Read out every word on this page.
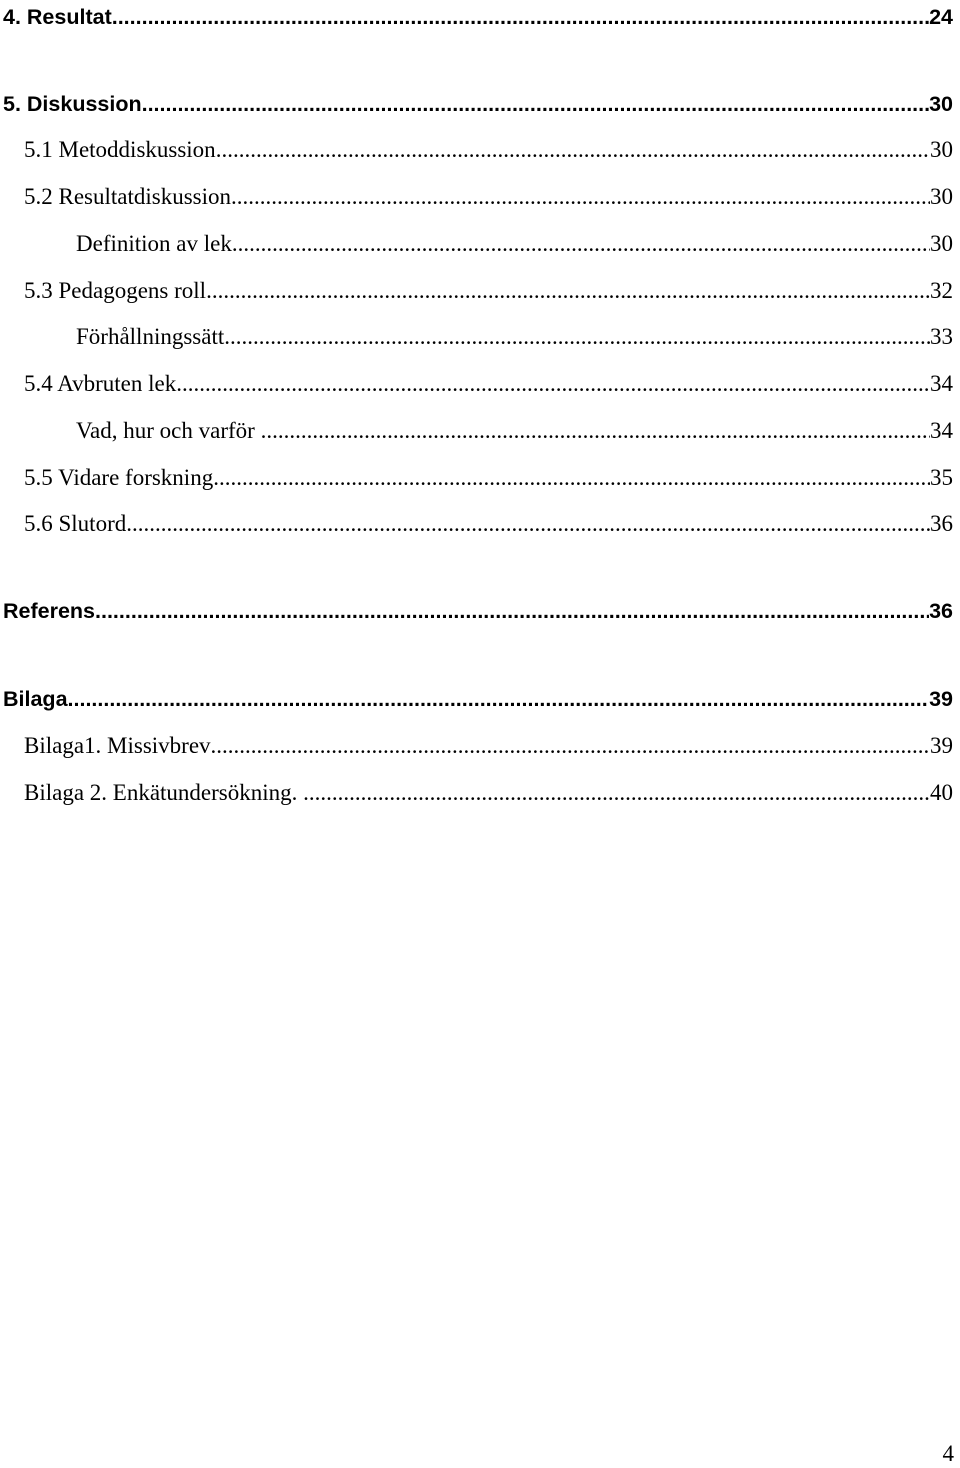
4. Resultat .....	24
5. Diskussion .....	30
5.1 Metoddiskussion .....	30
5.2 Resultatdiskussion .....	30
Definition av lek .....	30
5.3 Pedagogens roll .....	32
Förhållningssätt .....	33
5.4 Avbruten lek .....	34
Vad, hur och varför .....	34
5.5 Vidare forskning .....	35
5.6 Slutord .....	36
Referens .....	36
Bilaga .....	39
Bilaga1. Missivbrev .....	39
Bilaga 2. Enkätundersökning. .....	40
4
